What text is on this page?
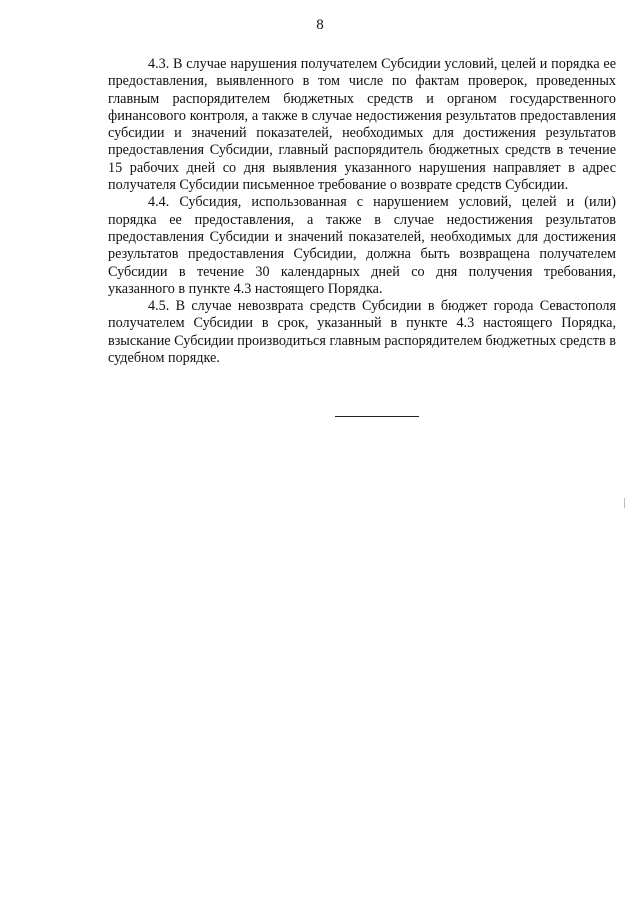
8

4.3. В случае нарушения получателем Субсидии условий, целей и порядка ее предоставления, выявленного в том числе по фактам проверок, проведенных главным распорядителем бюджетных средств и органом государственного финансового контроля, а также в случае недостижения результатов предоставления субсидии и значений показателей, необходимых для достижения результатов предоставления Субсидии, главный распорядитель бюджетных средств в течение 15 рабочих дней со дня выявления указанного нарушения направляет в адрес получателя Субсидии письменное требование о возврате средств Субсидии.

4.4. Субсидия, использованная с нарушением условий, целей и (или) порядка ее предоставления, а также в случае недостижения результатов предоставления Субсидии и значений показателей, необходимых для достижения результатов предоставления Субсидии, должна быть возвращена получателем Субсидии в течение 30 календарных дней со дня получения требования, указанного в пункте 4.3 настоящего Порядка.

4.5. В случае невозврата средств Субсидии в бюджет города Севастополя получателем Субсидии в срок, указанный в пункте 4.3 настоящего Порядка, взыскание Субсидии производиться главным распорядителем бюджетных средств в судебном порядке.
